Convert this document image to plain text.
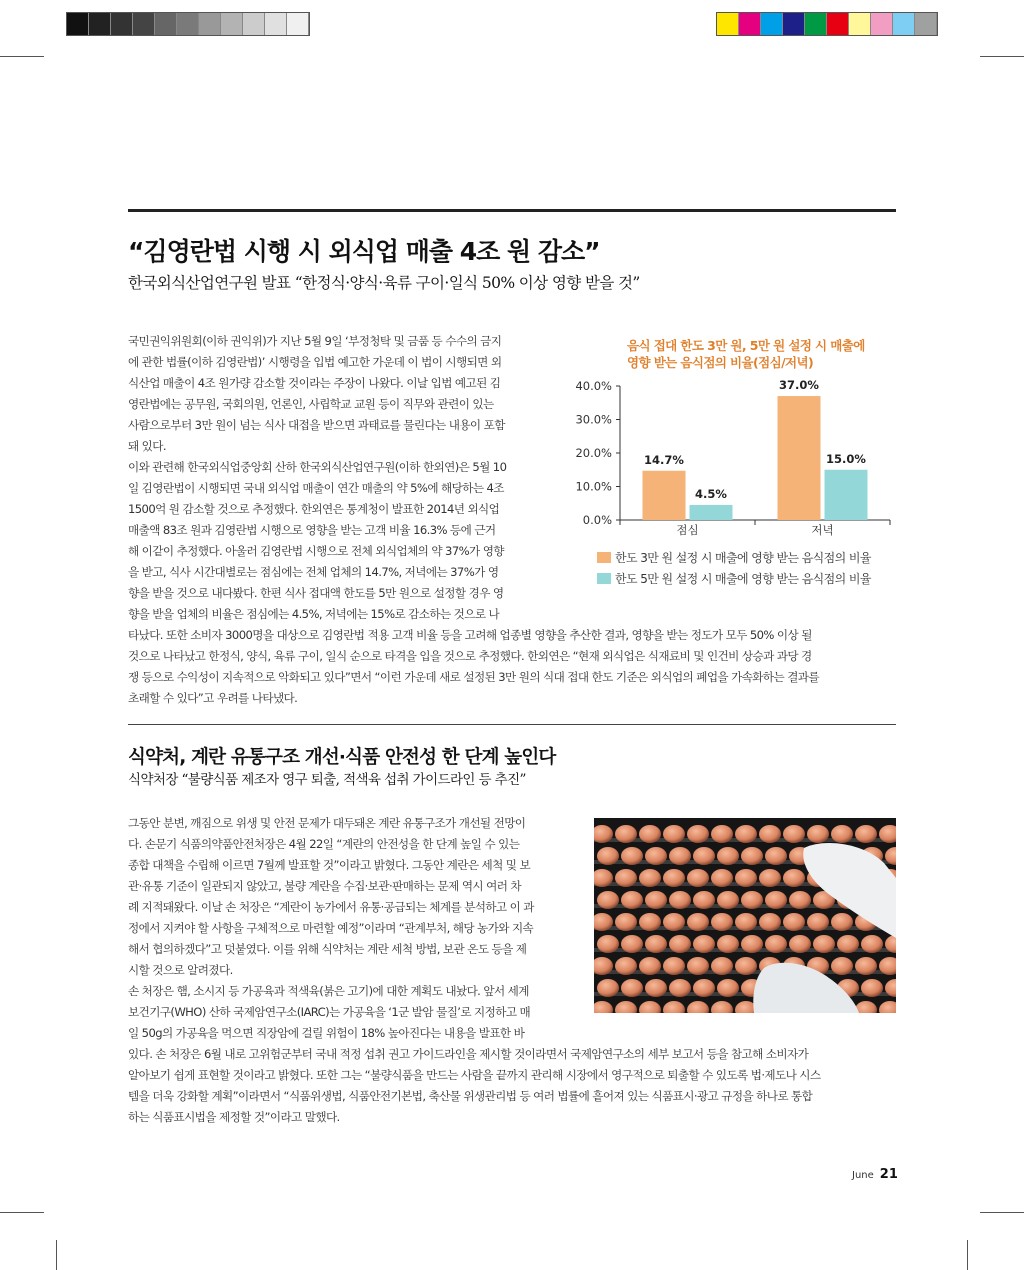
“김영란법 시행 시 외식업 매출 4조 원 감소”
한국외식산업연구원 발표 “한정식·양식·육류 구이·일식 50% 이상 영향 받을 것”

국민권익위원회(이하 권익위)가 지난 5월 9일 ‘부정청탁 및 금품 등 수수의 금지

에 관한 법률(이하 김영란법)’ 시행령을 입법 예고한 가운데 이 법이 시행되면 외

식산업 매출이 4조 원가량 감소할 것이라는 주장이 나왔다. 이날 입법 예고된 김

영란법에는 공무원, 국회의원, 언론인, 사립학교 교원 등이 직무와 관련이 있는

사람으로부터 3만 원이 넘는 식사 대접을 받으면 과태료를 물린다는 내용이 포함

돼 있다.

이와 관련해 한국외식업중앙회 산하 한국외식산업연구원(이하 한외연)은 5월 10

일 김영란법이 시행되면 국내 외식업 매출이 연간 매출의 약 5%에 해당하는 4조

1500억 원 감소할 것으로 추정했다. 한외연은 통계청이 발표한 2014년 외식업

매출액 83조 원과 김영란법 시행으로 영향을 받는 고객 비율 16.3% 등에 근거

해 이같이 추정했다. 아울러 김영란법 시행으로 전체 외식업체의 약 37%가 영향

을 받고, 식사 시간대별로는 점심에는 전체 업체의 14.7%, 저녁에는 37%가 영

향을 받을 것으로 내다봤다. 한편 식사 접대액 한도를 5만 원으로 설정할 경우 영

향을 받을 업체의 비율은 점심에는 4.5%, 저녁에는 15%로 감소하는 것으로 나

타났다. 또한 소비자 3000명을 대상으로 김영란법 적용 고객 비율 등을 고려해 업종별 영향을 추산한 결과, 영향을 받는 정도가 모두 50% 이상 될

것으로 나타났고 한정식, 양식, 육류 구이, 일식 순으로 타격을 입을 것으로 추정했다. 한외연은 “현재 외식업은 식재료비 및 인건비 상승과 과당 경

쟁 등으로 수익성이 지속적으로 악화되고 있다”면서 “이런 가운데 새로 설정된 3만 원의 식대 접대 한도 기준은 외식업의 폐업을 가속화하는 결과를

초래할 수 있다”고 우려를 나타냈다.

음식 접대 한도 3만 원, 5만 원 설정 시 매출에
영향 받는 음식점의 비율(점심/저녁)
0.0%
10.0%
20.0%
30.0%
40.0%
14.7%
4.5%
점심
37.0%
15.0%
저녁
한도 3만 원 설정 시 매출에 영향 받는 음식점의 비율
한도 5만 원 설정 시 매출에 영향 받는 음식점의 비율
식약처, 계란 유통구조 개선·식품 안전성 한 단계 높인다
식약처장 “불량식품 제조자 영구 퇴출, 적색육 섭취 가이드라인 등 추진”

그동안 분변, 깨짐으로 위생 및 안전 문제가 대두돼온 계란 유통구조가 개선될 전망이

다. 손문기 식품의약품안전처장은 4월 22일 “계란의 안전성을 한 단계 높일 수 있는

종합 대책을 수립해 이르면 7월께 발표할 것”이라고 밝혔다. 그동안 계란은 세척 및 보

관·유통 기준이 일관되지 않았고, 불량 계란을 수집·보관·판매하는 문제 역시 여러 차

례 지적돼왔다. 이날 손 처장은 “계란이 농가에서 유통·공급되는 체계를 분석하고 이 과

정에서 지켜야 할 사항을 구체적으로 마련할 예정”이라며 “관계부처, 해당 농가와 지속

해서 협의하겠다”고 덧붙였다. 이를 위해 식약처는 계란 세척 방법, 보관 온도 등을 제

시할 것으로 알려졌다.

손 처장은 햄, 소시지 등 가공육과 적색육(붉은 고기)에 대한 계획도 내놨다. 앞서 세계

보건기구(WHO) 산하 국제암연구소(IARC)는 가공육을 ‘1군 발암 물질’로 지정하고 매

일 50g의 가공육을 먹으면 직장암에 걸릴 위험이 18% 높아진다는 내용을 발표한 바

있다. 손 처장은 6월 내로 고위험군부터 국내 적정 섭취 권고 가이드라인을 제시할 것이라면서 국제암연구소의 세부 보고서 등을 참고해 소비자가

알아보기 쉽게 표현할 것이라고 밝혔다. 또한 그는 “불량식품을 만드는 사람을 끝까지 관리해 시장에서 영구적으로 퇴출할 수 있도록 법·제도나 시스

템을 더욱 강화할 계획”이라면서 “식품위생법, 식품안전기본법, 축산물 위생관리법 등 여러 법률에 흩어져 있는 식품표시·광고 규정을 하나로 통합

하는 식품표시법을 제정할 것”이라고 말했다.

June 21
